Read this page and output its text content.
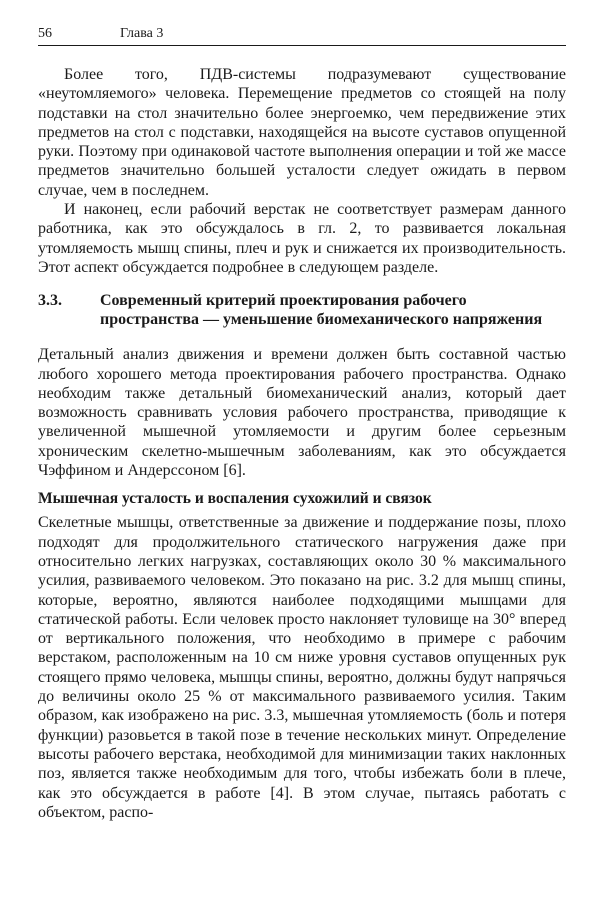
56	Глава 3

Более того, ПДВ-системы подразумевают существование «неутомляемого» человека. Перемещение предметов со стоящей на полу подставки на стол значительно более энергоемко, чем передвижение этих предметов на стол с подставки, находящейся на высоте суставов опущенной руки. Поэтому при одинаковой частоте выполнения операции и той же массе предметов значительно большей усталости следует ожидать в первом случае, чем в последнем.

И наконец, если рабочий верстак не соответствует размерам данного работника, как это обсуждалось в гл. 2, то развивается локальная утомляемость мышц спины, плеч и рук и снижается их производительность. Этот аспект обсуждается подробнее в следующем разделе.

3.3.	Современный критерий проектирования рабочего пространства — уменьшение биомеханического напряжения

Детальный анализ движения и времени должен быть составной частью любого хорошего метода проектирования рабочего пространства. Однако необходим также детальный биомеханический анализ, который дает возможность сравнивать условия рабочего пространства, приводящие к увеличенной мышечной утомляемости и другим более серьезным хроническим скелетно-мышечным заболеваниям, как это обсуждается Чэффином и Андерссоном [6].

Мышечная усталость и воспаления сухожилий и связок

Скелетные мышцы, ответственные за движение и поддержание позы, плохо подходят для продолжительного статического нагружения даже при относительно легких нагрузках, составляющих около 30 % максимального усилия, развиваемого человеком. Это показано на рис. 3.2 для мышц спины, которые, вероятно, являются наиболее подходящими мышцами для статической работы. Если человек просто наклоняет туловище на 30° вперед от вертикального положения, что необходимо в примере с рабочим верстаком, расположенным на 10 см ниже уровня суставов опущенных рук стоящего прямо человека, мышцы спины, вероятно, должны будут напрячься до величины около 25 % от максимального развиваемого усилия. Таким образом, как изображено на рис. 3.3, мышечная утомляемость (боль и потеря функции) разовьется в такой позе в течение нескольких минут. Определение высоты рабочего верстака, необходимой для минимизации таких наклонных поз, является также необходимым для того, чтобы избежать боли в плече, как это обсуждается в работе [4]. В этом случае, пытаясь работать с объектом, распо-
